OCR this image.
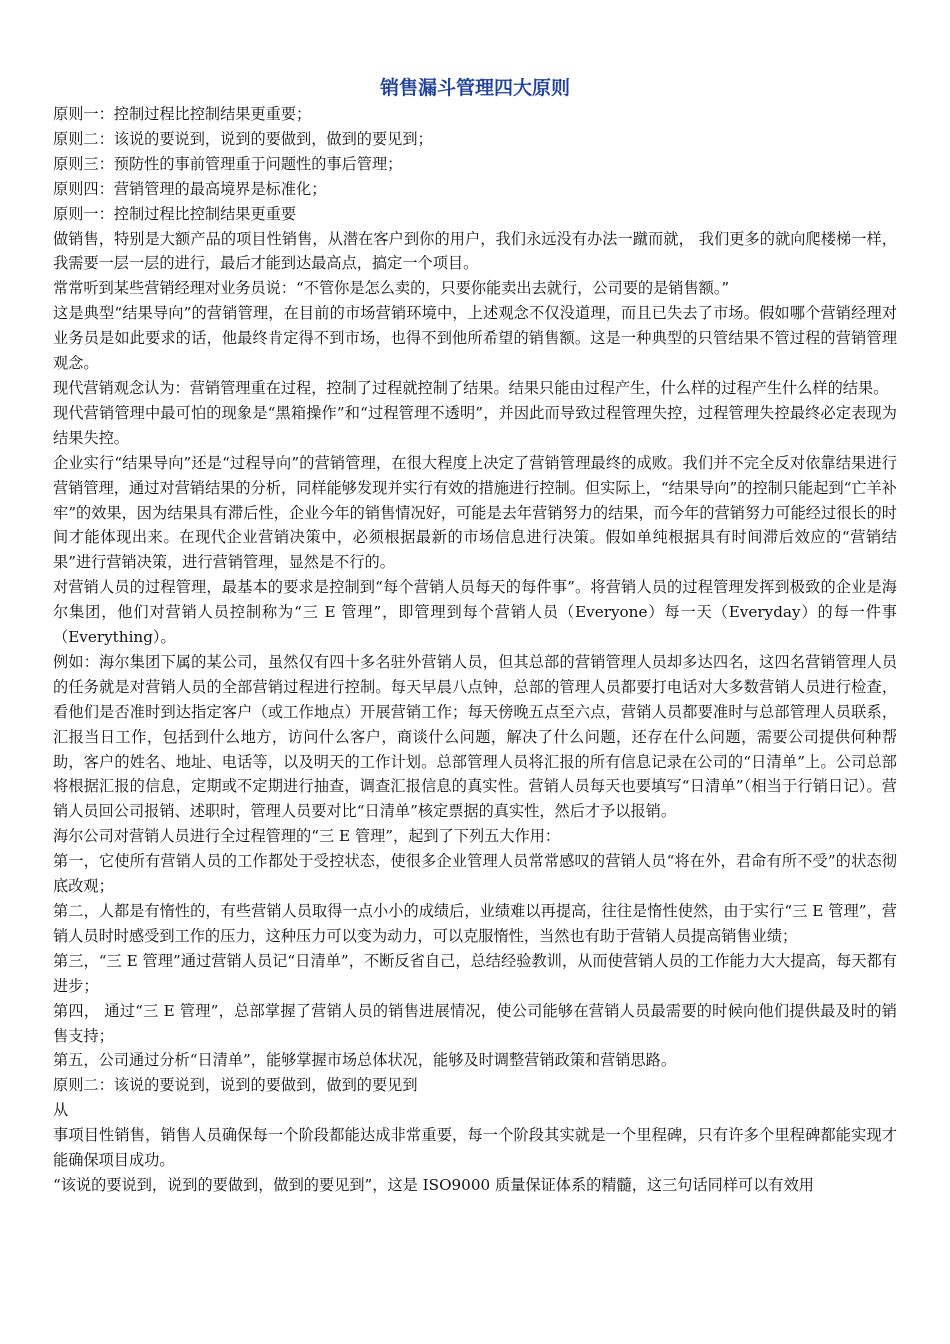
销售漏斗管理四大原则

原则一：控制过程比控制结果更重要；

原则二：该说的要说到，说到的要做到，做到的要见到；

原则三：预防性的事前管理重于问题性的事后管理；

原则四：营销管理的最高境界是标准化；

原则一：控制过程比控制结果更重要

做销售，特别是大额产品的项目性销售，从潜在客户到你的用户，我们永远没有办法一蹴而就， 我们更多的就向爬楼梯一样，我需要一层一层的进行，最后才能到达最高点，搞定一个项目。

常常听到某些营销经理对业务员说：“不管你是怎么卖的，只要你能卖出去就行，公司要的是销售额。”

这是典型“结果导向”的营销管理，在目前的市场营销环境中，上述观念不仅没道理，而且已失去了市场。假如哪个营销经理对业务员是如此要求的话，他最终肯定得不到市场，也得不到他所希望的销售额。这是一种典型的只管结果不管过程的营销管理观念。

现代营销观念认为：营销管理重在过程，控制了过程就控制了结果。结果只能由过程产生，什么样的过程产生什么样的结果。

现代营销管理中最可怕的现象是“黑箱操作”和“过程管理不透明”，并因此而导致过程管理失控，过程管理失控最终必定表现为结果失控。

企业实行“结果导向”还是“过程导向”的营销管理，在很大程度上决定了营销管理最终的成败。我们并不完全反对依靠结果进行营销管理，通过对营销结果的分析，同样能够发现并实行有效的措施进行控制。但实际上，“结果导向”的控制只能起到“亡羊补牢”的效果，因为结果具有滞后性，企业今年的销售情况好，可能是去年营销努力的结果，而今年的营销努力可能经过很长的时间才能体现出来。在现代企业营销决策中，必须根据最新的市场信息进行决策。假如单纯根据具有时间滞后效应的“营销结果”进行营销决策，进行营销管理，显然是不行的。

对营销人员的过程管理，最基本的要求是控制到“每个营销人员每天的每件事”。将营销人员的过程管理发挥到极致的企业是海尔集团，他们对营销人员控制称为“三 E 管理”，即管理到每个营销人员（Everyone）每一天（Everyday）的每一件事（Everything）。

例如：海尔集团下属的某公司，虽然仅有四十多名驻外营销人员，但其总部的营销管理人员却多达四名，这四名营销管理人员的任务就是对营销人员的全部营销过程进行控制。每天早晨八点钟，总部的管理人员都要打电话对大多数营销人员进行检查，看他们是否准时到达指定客户（或工作地点）开展营销工作；每天傍晚五点至六点，营销人员都要准时与总部管理人员联系，汇报当日工作，包括到什么地方，访问什么客户，商谈什么问题，解决了什么问题，还存在什么问题，需要公司提供何种帮助，客户的姓名、地址、电话等，以及明天的工作计划。总部管理人员将汇报的所有信息记录在公司的“日清单”上。公司总部将根据汇报的信息，定期或不定期进行抽查，调查汇报信息的真实性。营销人员每天也要填写“日清单”（相当于行销日记）。营销人员回公司报销、述职时，管理人员要对比“日清单”核定票据的真实性，然后才予以报销。

海尔公司对营销人员进行全过程管理的“三 E 管理”，起到了下列五大作用：

第一，它使所有营销人员的工作都处于受控状态，使很多企业管理人员常常感叹的营销人员“将在外，君命有所不受”的状态彻底改观；

第二，人都是有惰性的，有些营销人员取得一点小小的成绩后，业绩难以再提高，往往是惰性使然，由于实行“三 E 管理”，营销人员时时感受到工作的压力，这种压力可以变为动力，可以克服惰性，当然也有助于营销人员提高销售业绩；

第三，“三 E 管理”通过营销人员记“日清单”，不断反省自己，总结经验教训，从而使营销人员的工作能力大大提高，每天都有进步；

第四， 通过“三 E 管理”，总部掌握了营销人员的销售进展情况，使公司能够在营销人员最需要的时候向他们提供最及时的销售支持；

第五，公司通过分析“日清单”，能够掌握市场总体状况，能够及时调整营销政策和营销思路。

原则二：该说的要说到，说到的要做到，做到的要见到

从

事项目性销售，销售人员确保每一个阶段都能达成非常重要，每一个阶段其实就是一个里程碑，只有许多个里程碑都能实现才能确保项目成功。

“该说的要说到，说到的要做到，做到的要见到”，这是 ISO9000 质量保证体系的精髓，这三句话同样可以有效用
